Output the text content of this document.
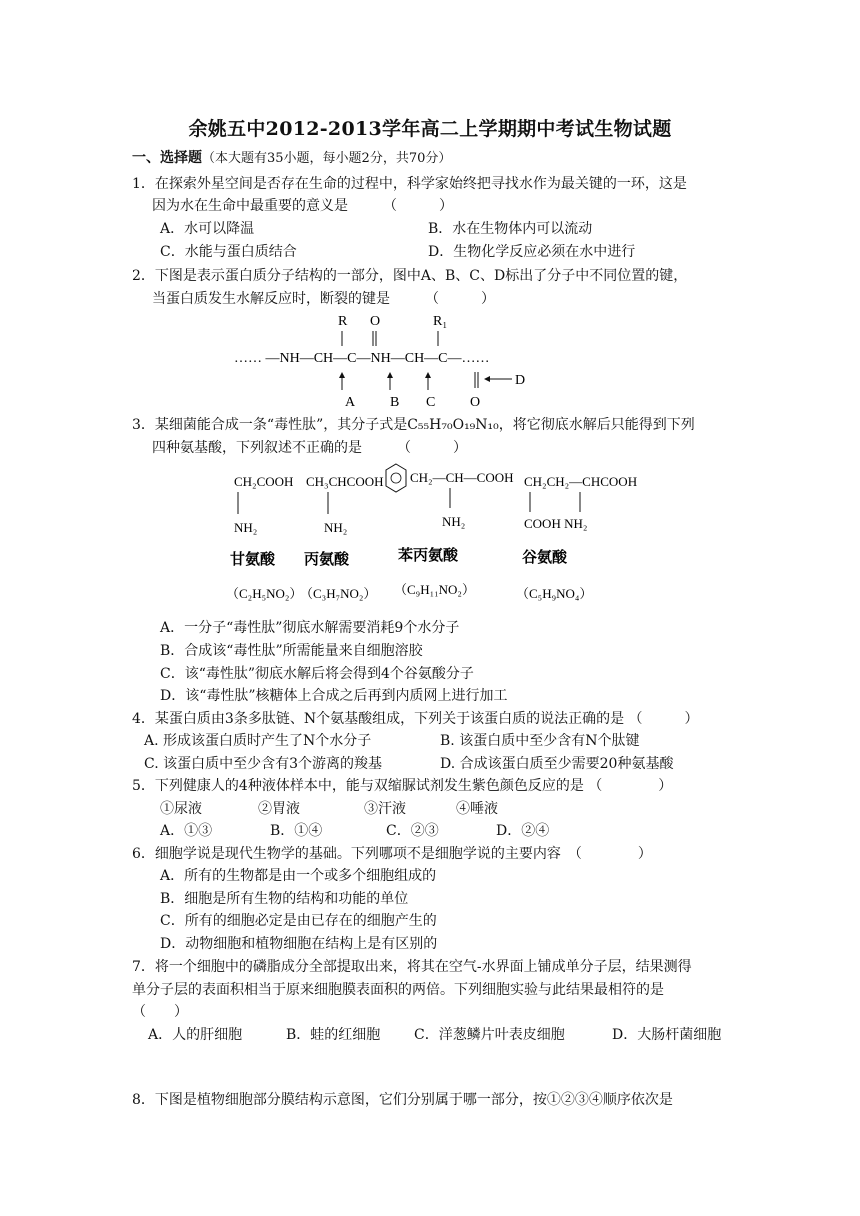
余姚五中2012-2013学年高二上学期期中考试生物试题
一、选择题（本大题有35小题，每小题2分，共70分）
1．在探索外星空间是否存在生命的过程中，科学家始终把寻找水作为最关键的一环，这是
因为水在生命中最重要的意义是　　　（　　　）
A．水可以降温	B．水在生物体内可以流动
C．水能与蛋白质结合	D．生物化学反应必须在水中进行
2．下图是表示蛋白质分子结构的一部分，图中A、B、C、D标出了分子中不同位置的键，
当蛋白质发生水解反应时，断裂的键是　　　（　　　）
R O	R₁
…… —NH—CH—C—NH—CH—C—……
D
A B C O
3．某细菌能合成一条“毒性肽”，其分子式是C₅₅H₇₀O₁₉N₁₀，将它彻底水解后只能得到下列
四种氨基酸，下列叙述不正确的是　　　（　　　）
CH₂COOH
NH₂
甘氨酸
（C₂H₅NO₂）
CH₃CHCOOH
NH₂
丙氨酸
（C₃H₇NO₂）
CH₂—CH—COOH
NH₂
苯丙氨酸
（C₉H₁₁NO₂）
CH₂CH₂—CHCOOH
COOH NH₂
谷氨酸
（C₅H₉NO₄）
A．一分子“毒性肽”彻底水解需要消耗9个水分子
B．合成该“毒性肽”所需能量来自细胞溶胶
C．该“毒性肽”彻底水解后将会得到4个谷氨酸分子
D．该“毒性肽”核糖体上合成之后再到内质网上进行加工
4．某蛋白质由3条多肽链、N个氨基酸组成，下列关于该蛋白质的说法正确的是 （　　　）
A. 形成该蛋白质时产生了N个水分子	B. 该蛋白质中至少含有N个肽键
C. 该蛋白质中至少含有3个游离的羧基	D. 合成该蛋白质至少需要20种氨基酸
5．下列健康人的4种液体样本中，能与双缩脲试剂发生紫色颜色反应的是 （　　　　）
①尿液	②胃液	③汗液	④唾液
A．①③	B．①④	C．②③	D．②④
6．细胞学说是现代生物学的基础。下列哪项不是细胞学说的主要内容　（　　　　）
A．所有的生物都是由一个或多个细胞组成的
B．细胞是所有生物的结构和功能的单位
C．所有的细胞必定是由已存在的细胞产生的
D．动物细胞和植物细胞在结构上是有区别的
7．将一个细胞中的磷脂成分全部提取出来，将其在空气-水界面上铺成单分子层，结果测得
单分子层的表面积相当于原来细胞膜表面积的两倍。下列细胞实验与此结果最相符的是
（　　）
A．人的肝细胞	B．蛙的红细胞 C．洋葱鳞片叶表皮细胞	D．大肠杆菌细胞
8．下图是植物细胞部分膜结构示意图，它们分别属于哪一部分，按①②③④顺序依次是
